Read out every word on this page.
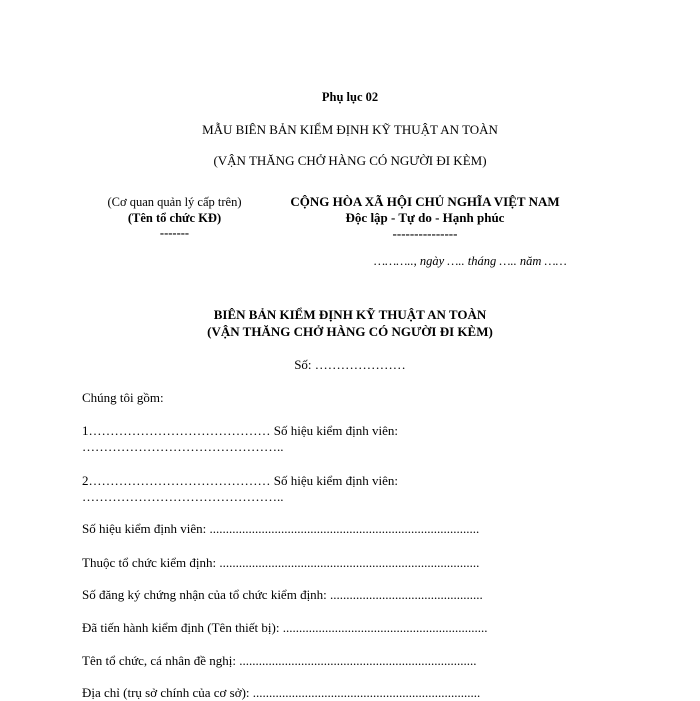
Phụ lục 02
MẪU BIÊN BẢN KIỂM ĐỊNH KỸ THUẬT AN TOÀN
(VẬN THĂNG CHỞ HÀNG CÓ NGƯỜI ĐI KÈM)
(Cơ quan quản lý cấp trên)
(Tên tổ chức KĐ)
-------
CỘNG HÒA XÃ HỘI CHỦ NGHĨA VIỆT NAM
Độc lập - Tự do - Hạnh phúc
---------------
……….., ngày ….. tháng ….. năm ……
BIÊN BẢN KIỂM ĐỊNH KỸ THUẬT AN TOÀN
(VẬN THĂNG CHỞ HÀNG CÓ NGƯỜI ĐI KÈM)
Số: …………………
Chúng tôi gồm:
1…………………………………… Số hiệu kiểm định viên:
………………………………………..
2…………………………………… Số hiệu kiểm định viên:
………………………………………..
Số hiệu kiểm định viên: ...................................................................................
Thuộc tổ chức kiểm định: ................................................................................
Số đăng ký chứng nhận của tổ chức kiểm định: ...............................................
Đã tiến hành kiểm định (Tên thiết bị): ...............................................................
Tên tổ chức, cá nhân đề nghị: .........................................................................
Địa chỉ (trụ sở chính của cơ sở): ......................................................................
